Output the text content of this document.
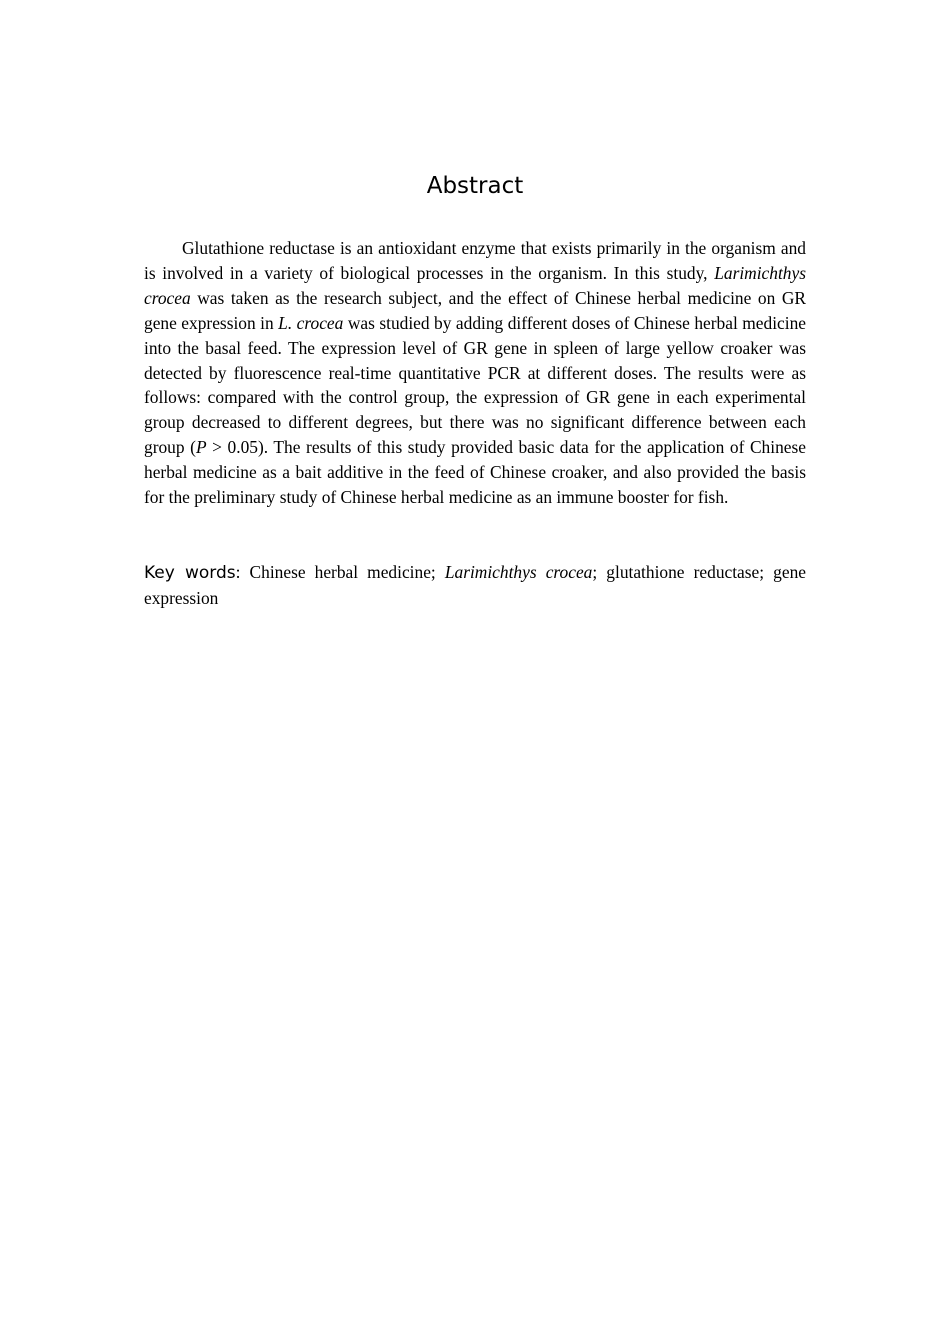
Abstract

Glutathione reductase is an antioxidant enzyme that exists primarily in the organism and is involved in a variety of biological processes in the organism. In this study, Larimichthys crocea was taken as the research subject, and the effect of Chinese herbal medicine on GR gene expression in L. crocea was studied by adding different doses of Chinese herbal medicine into the basal feed. The expression level of GR gene in spleen of large yellow croaker was detected by fluorescence real-time quantitative PCR at different doses. The results were as follows: compared with the control group, the expression of GR gene in each experimental group decreased to different degrees, but there was no significant difference between each group (P > 0.05). The results of this study provided basic data for the application of Chinese herbal medicine as a bait additive in the feed of Chinese croaker, and also provided the basis for the preliminary study of Chinese herbal medicine as an immune booster for fish.

Key words: Chinese herbal medicine; Larimichthys crocea; glutathione reductase; gene expression
